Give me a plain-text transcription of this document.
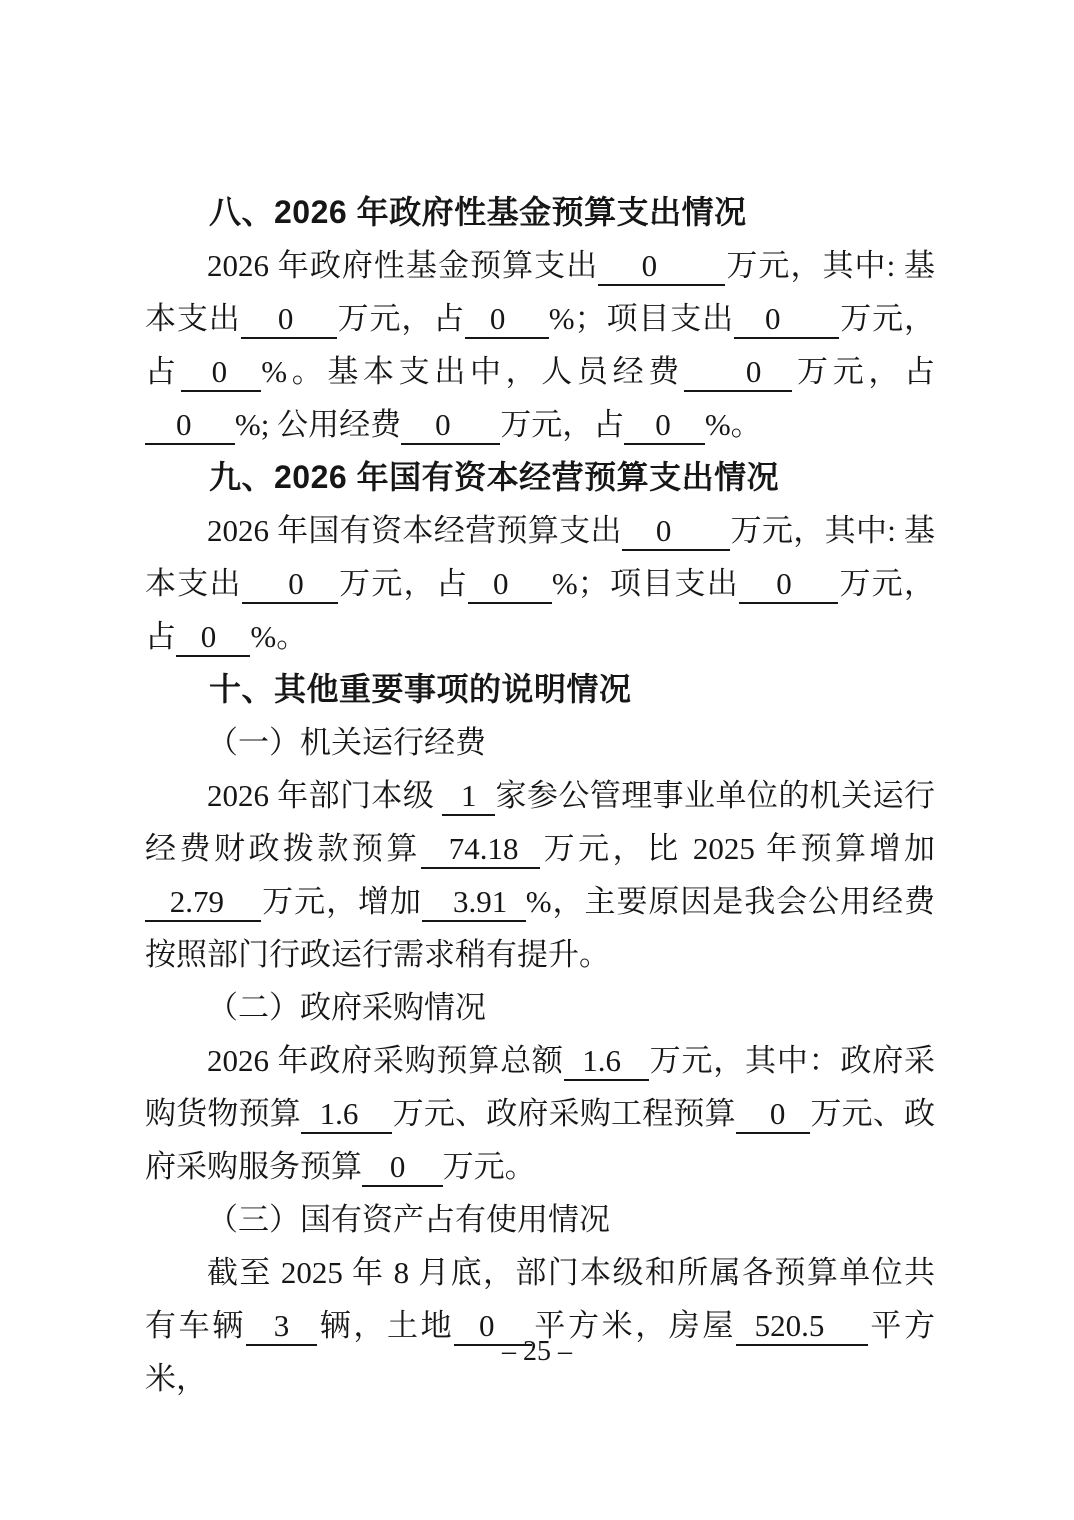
八、2026 年政府性基金预算支出情况

2026 年政府性基金预算支出 0 万元，其中: 基本支出 0 万元，占 0 %；项目支出 0 万元，占 0 %。基本支出中，人员经费 0 万元，占0 %; 公用经费 0 万元，占 0 %。

九、2026 年国有资本经营预算支出情况

2026 年国有资本经营预算支出 0 万元，其中: 基本支出 0 万元，占 0 %；项目支出 0 万元，占 0 %。

十、其他重要事项的说明情况
（一）机关运行经费

2026 年部门本级 1 家参公管理事业单位的机关运行经费财政拨款预算 74.18 万元，比 2025 年预算增加2.79 万元，增加 3.91 %，主要原因是我会公用经费按照部门行政运行需求稍有提升。

（二）政府采购情况

2026 年政府采购预算总额 1.6 万元，其中：政府采购货物预算 1.6 万元、政府采购工程预算 0 万元、政府采购服务预算 0 万元。

（三）国有资产占有使用情况

截至 2025 年 8 月底，部门本级和所属各预算单位共有车辆 3 辆，土地 0 平方米，房屋 520.5 平方米，

– 25 –
